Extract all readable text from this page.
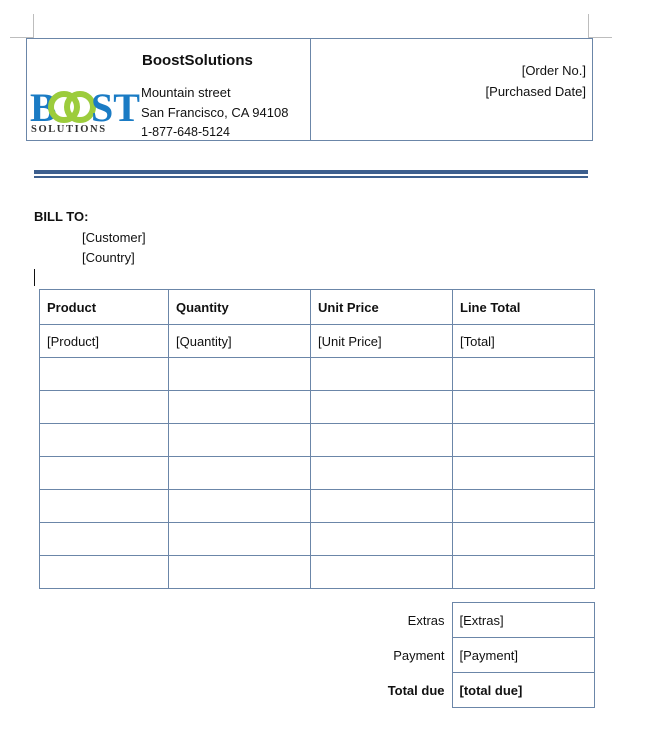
B ST
SOLUTIONS
BoostSolutions
Mountain street
San Francisco, CA 94108
1-877-648-5124
[Order No.]
[Purchased Date]
BILL TO:
[Customer]
[Country]
Product	Quantity	Unit Price	Line Total
[Product]	[Quantity]	[Unit Price]	[Total]

Extras	[Extras]
Payment	[Payment]
Total due	[total due]
